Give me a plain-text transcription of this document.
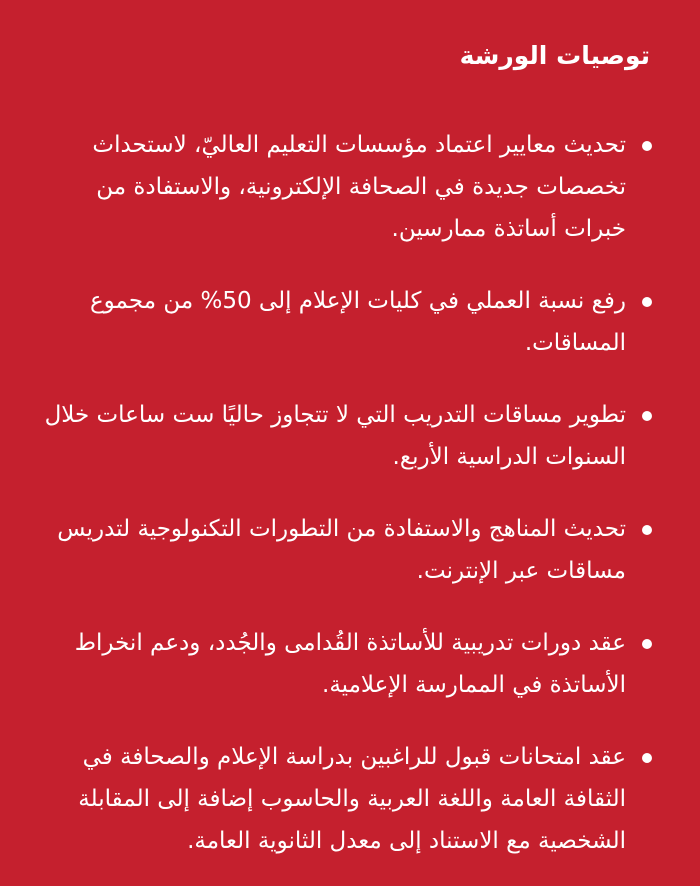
توصيات الورشة
تحديث معايير اعتماد مؤسسات التعليم العاليّ، لاستحداث تخصصات جديدة في الصحافة الإلكترونية، والاستفادة من خبرات أساتذة ممارسين.
رفع نسبة العملي في كليات الإعلام إلى 50% من مجموع المساقات.
تطوير مساقات التدريب التي لا تتجاوز حاليًا ست ساعات خلال السنوات الدراسية الأربع.
تحديث المناهج والاستفادة من التطورات التكنولوجية لتدريس مساقات عبر الإنترنت.
عقد دورات تدريبية للأساتذة القُدامى والجُدد، ودعم انخراط الأساتذة في الممارسة الإعلامية.
عقد امتحانات قبول للراغبين بدراسة الإعلام والصحافة في الثقافة العامة واللغة العربية والحاسوب إضافة إلى المقابلة الشخصية مع الاستناد إلى معدل الثانوية العامة.
